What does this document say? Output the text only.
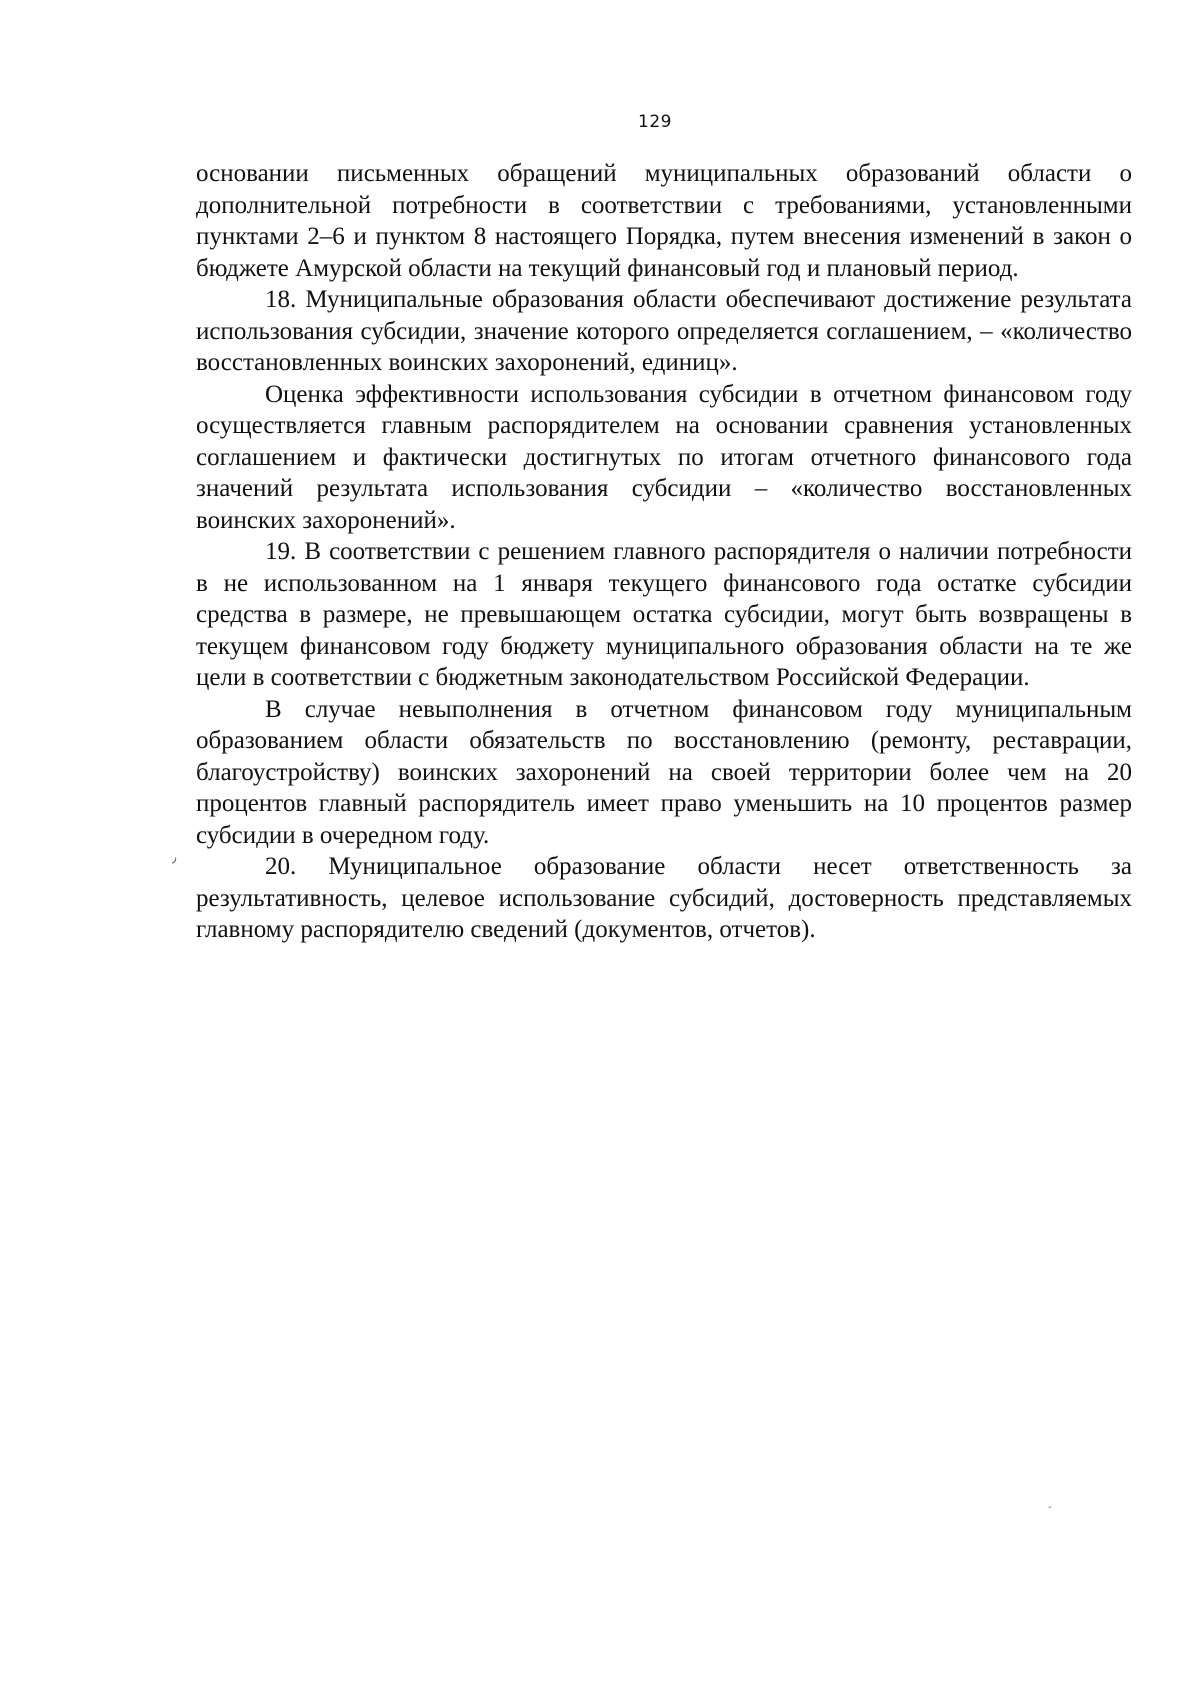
129

основании письменных обращений муниципальных образований области о дополнительной потребности в соответствии с требованиями, установленными пунктами 2–6 и пунктом 8 настоящего Порядка, путем внесения изменений в закон о бюджете Амурской области на текущий финансовый год и плановый период.

18. Муниципальные образования области обеспечивают достижение результата использования субсидии, значение которого определяется соглашением, – «количество восстановленных воинских захоронений, единиц».

Оценка эффективности использования субсидии в отчетном финансовом году осуществляется главным распорядителем на основании сравнения установленных соглашением и фактически достигнутых по итогам отчетного финансового года значений результата использования субсидии – «количество восстановленных воинских захоронений».

19. В соответствии с решением главного распорядителя о наличии потребности в не использованном на 1 января текущего финансового года остатке субсидии средства в размере, не превышающем остатка субсидии, могут быть возвращены в текущем финансовом году бюджету муниципального образования области на те же цели в соответствии с бюджетным законодательством Российской Федерации.

В случае невыполнения в отчетном финансовом году муниципальным образованием области обязательств по восстановлению (ремонту, реставрации, благоустройству) воинских захоронений на своей территории более чем на 20 процентов главный распорядитель имеет право уменьшить на 10 процентов размер субсидии в очередном году.

20. Муниципальное образование области несет ответственность за результативность, целевое использование субсидий, достоверность представляемых главному распорядителю сведений (документов, отчетов).

٫
-
